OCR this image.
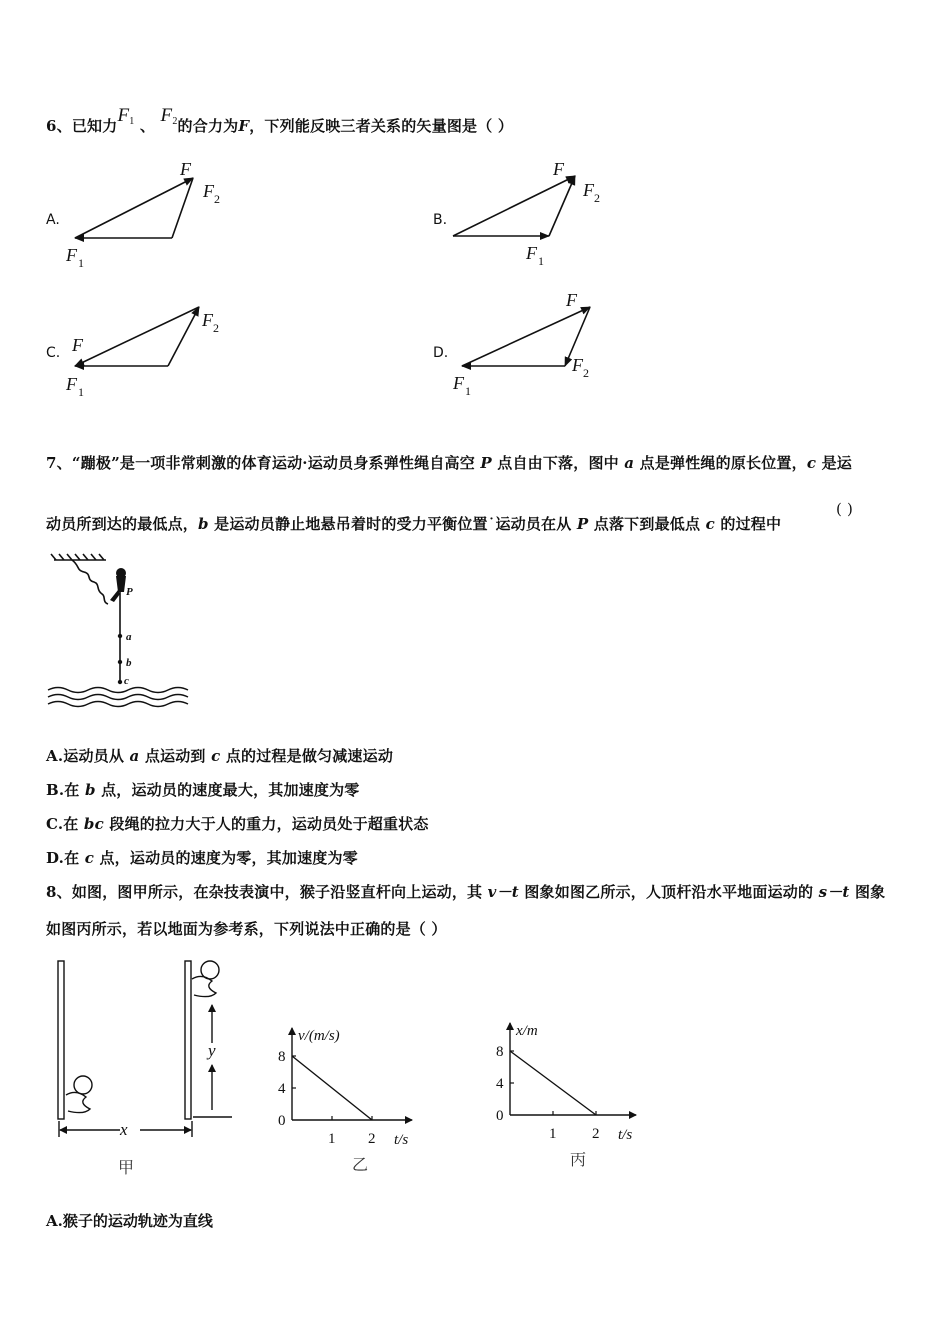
6、已知力$F_1$ 、 $F_2$的合力为F，下列能反映三者关系的矢量图是（ ）
A.
F
F 2
F 1
F
F 2
F 1
F
F 2
F 1
F
F 2
F 1
B.
C.	D.
7、“蹦极”是一项非常刺激的体育运动·运动员身系弹性绳自高空 P 点自由下落，图中 a 点是弹性绳的原长位置，c 是运
动员所到达的最低点，b 是运动员静止地悬吊着时的受力平衡位置˙运动员在从 P 点落下到最低点 c 的过程中
( )
P
a
b
c
A.运动员从 a 点运动到 c 点的过程是做匀减速运动
B.在 b 点，运动员的速度最大，其加速度为零
C.在 bc 段绳的拉力大于人的重力，运动员处于超重状态
D.在 c 点，运动员的速度为零，其加速度为零
8、如图，图甲所示，在杂技表演中，猴子沿竖直杆向上运动，其 v－t 图象如图乙所示，人顶杆沿水平地面运动的 s－t 图象
如图丙所示，若以地面为参考系，下列说法中正确的是（ ）
x
y
甲
8
4
0
1 2
v/(m/s)
t/s
乙
8
4
0
1 2
x/m
t/s
丙
A.猴子的运动轨迹为直线
